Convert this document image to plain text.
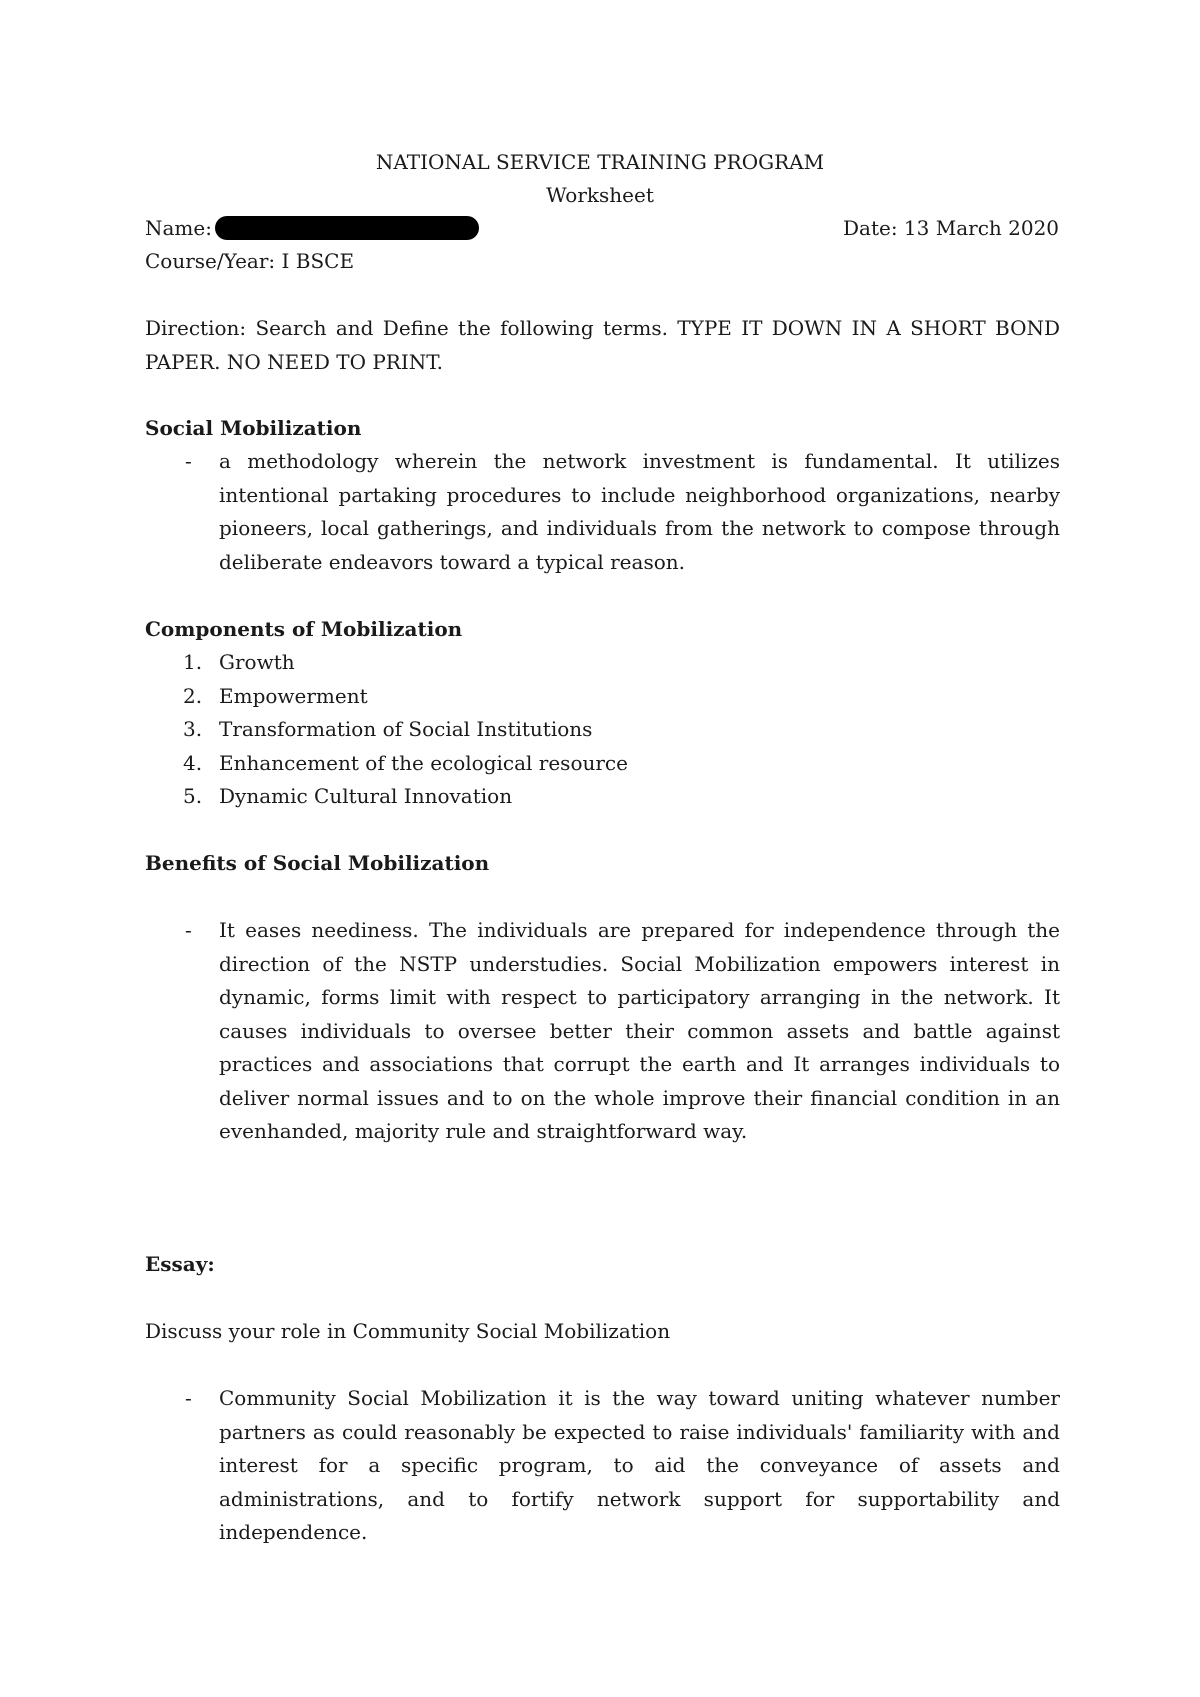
NATIONAL SERVICE TRAINING PROGRAM
Worksheet
Name:	Date: 13 March 2020
Course/Year: I BSCE
Direction: Search and Define the following terms. TYPE IT DOWN IN A SHORT BOND PAPER. NO NEED TO PRINT.
Social Mobilization
- a methodology wherein the network investment is fundamental. It utilizes intentional partaking procedures to include neighborhood organizations, nearby pioneers, local gatherings, and individuals from the network to compose through deliberate endeavors toward a typical reason.
Components of Mobilization
1. Growth
2. Empowerment
3. Transformation of Social Institutions
4. Enhancement of the ecological resource
5. Dynamic Cultural Innovation
Benefits of Social Mobilization
- It eases neediness. The individuals are prepared for independence through the direction of the NSTP understudies. Social Mobilization empowers interest in dynamic, forms limit with respect to participatory arranging in the network. It causes individuals to oversee better their common assets and battle against practices and associations that corrupt the earth and It arranges individuals to deliver normal issues and to on the whole improve their financial condition in an evenhanded, majority rule and straightforward way.
Essay:
Discuss your role in Community Social Mobilization
- Community Social Mobilization it is the way toward uniting whatever number partners as could reasonably be expected to raise individuals' familiarity with and interest for a specific program, to aid the conveyance of assets and administrations, and to fortify network support for supportability and independence.
